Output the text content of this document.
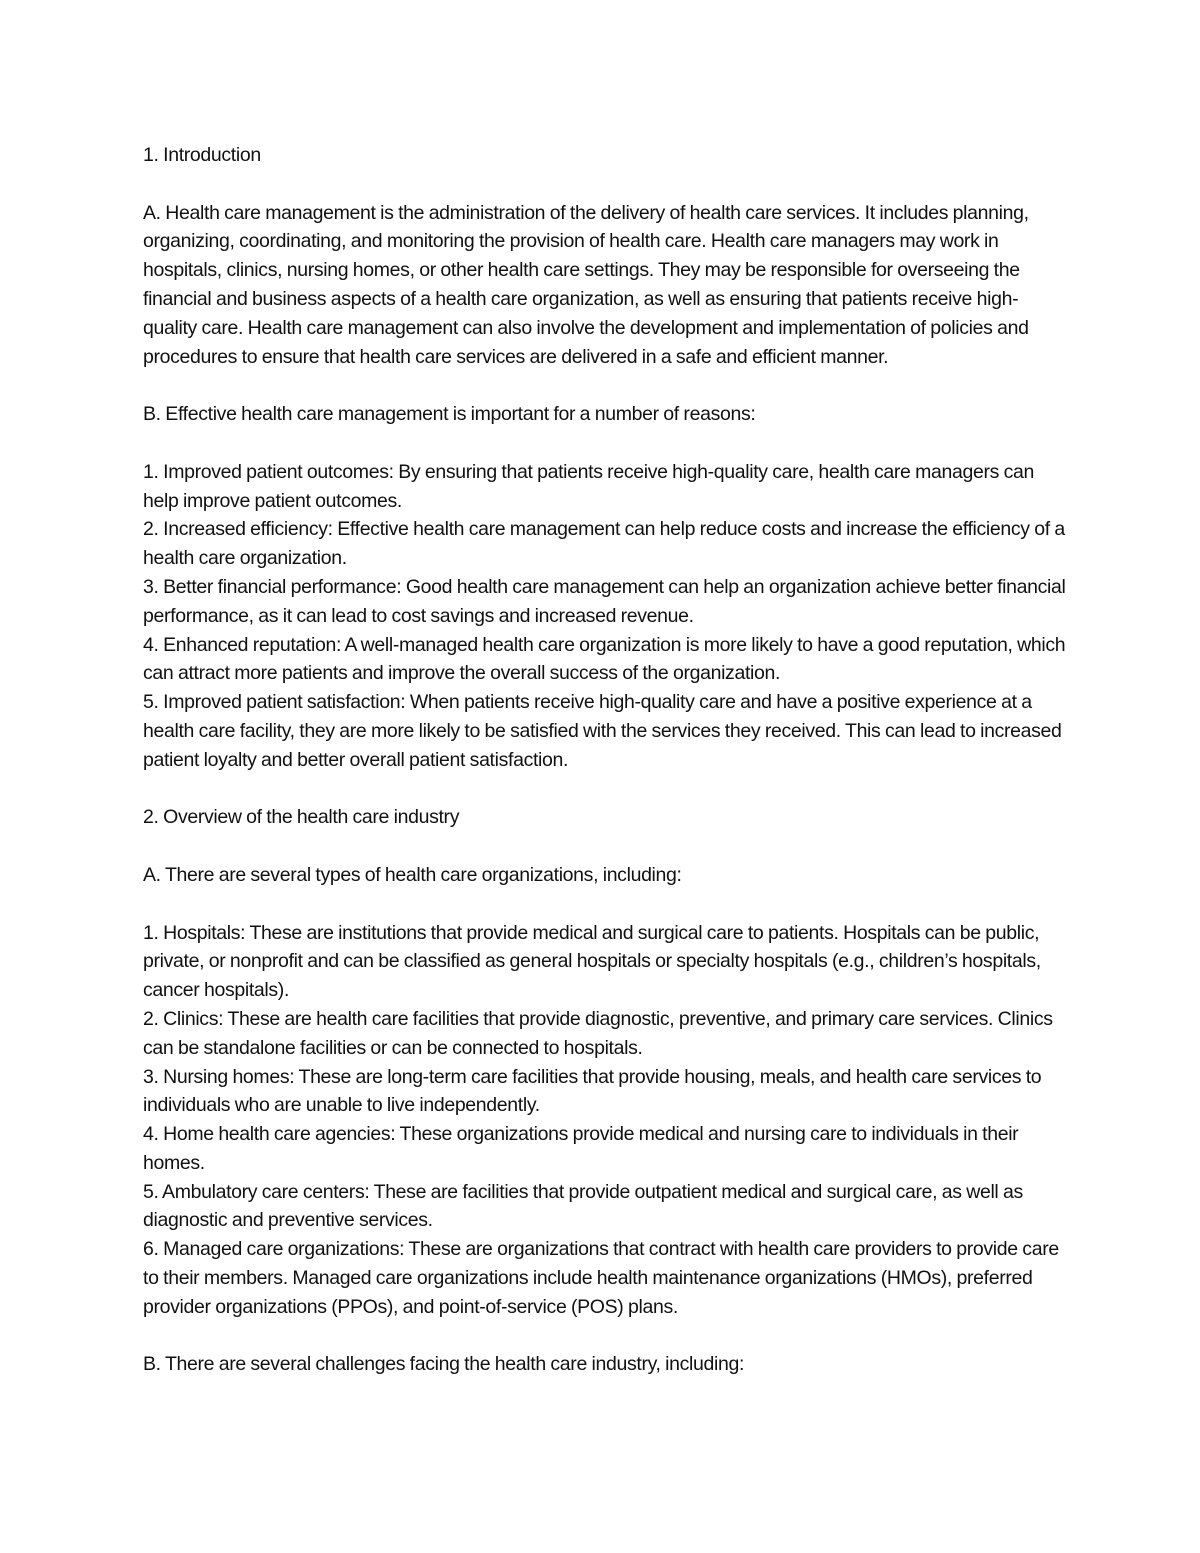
1. Introduction

A. Health care management is the administration of the delivery of health care services. It includes planning, organizing, coordinating, and monitoring the provision of health care. Health care managers may work in hospitals, clinics, nursing homes, or other health care settings. They may be responsible for overseeing the financial and business aspects of a health care organization, as well as ensuring that patients receive high-quality care. Health care management can also involve the development and implementation of policies and procedures to ensure that health care services are delivered in a safe and efficient manner.

B. Effective health care management is important for a number of reasons:

1. Improved patient outcomes: By ensuring that patients receive high-quality care, health care managers can help improve patient outcomes.

2. Increased efficiency: Effective health care management can help reduce costs and increase the efficiency of a health care organization.

3. Better financial performance: Good health care management can help an organization achieve better financial performance, as it can lead to cost savings and increased revenue.

4. Enhanced reputation: A well-managed health care organization is more likely to have a good reputation, which can attract more patients and improve the overall success of the organization.

5. Improved patient satisfaction: When patients receive high-quality care and have a positive experience at a health care facility, they are more likely to be satisfied with the services they received. This can lead to increased patient loyalty and better overall patient satisfaction.

2. Overview of the health care industry

A. There are several types of health care organizations, including:

1. Hospitals: These are institutions that provide medical and surgical care to patients. Hospitals can be public, private, or nonprofit and can be classified as general hospitals or specialty hospitals (e.g., children’s hospitals, cancer hospitals).

2. Clinics: These are health care facilities that provide diagnostic, preventive, and primary care services. Clinics can be standalone facilities or can be connected to hospitals.

3. Nursing homes: These are long-term care facilities that provide housing, meals, and health care services to individuals who are unable to live independently.

4. Home health care agencies: These organizations provide medical and nursing care to individuals in their homes.

5. Ambulatory care centers: These are facilities that provide outpatient medical and surgical care, as well as diagnostic and preventive services.

6. Managed care organizations: These are organizations that contract with health care providers to provide care to their members. Managed care organizations include health maintenance organizations (HMOs), preferred provider organizations (PPOs), and point-of-service (POS) plans.

B. There are several challenges facing the health care industry, including:
